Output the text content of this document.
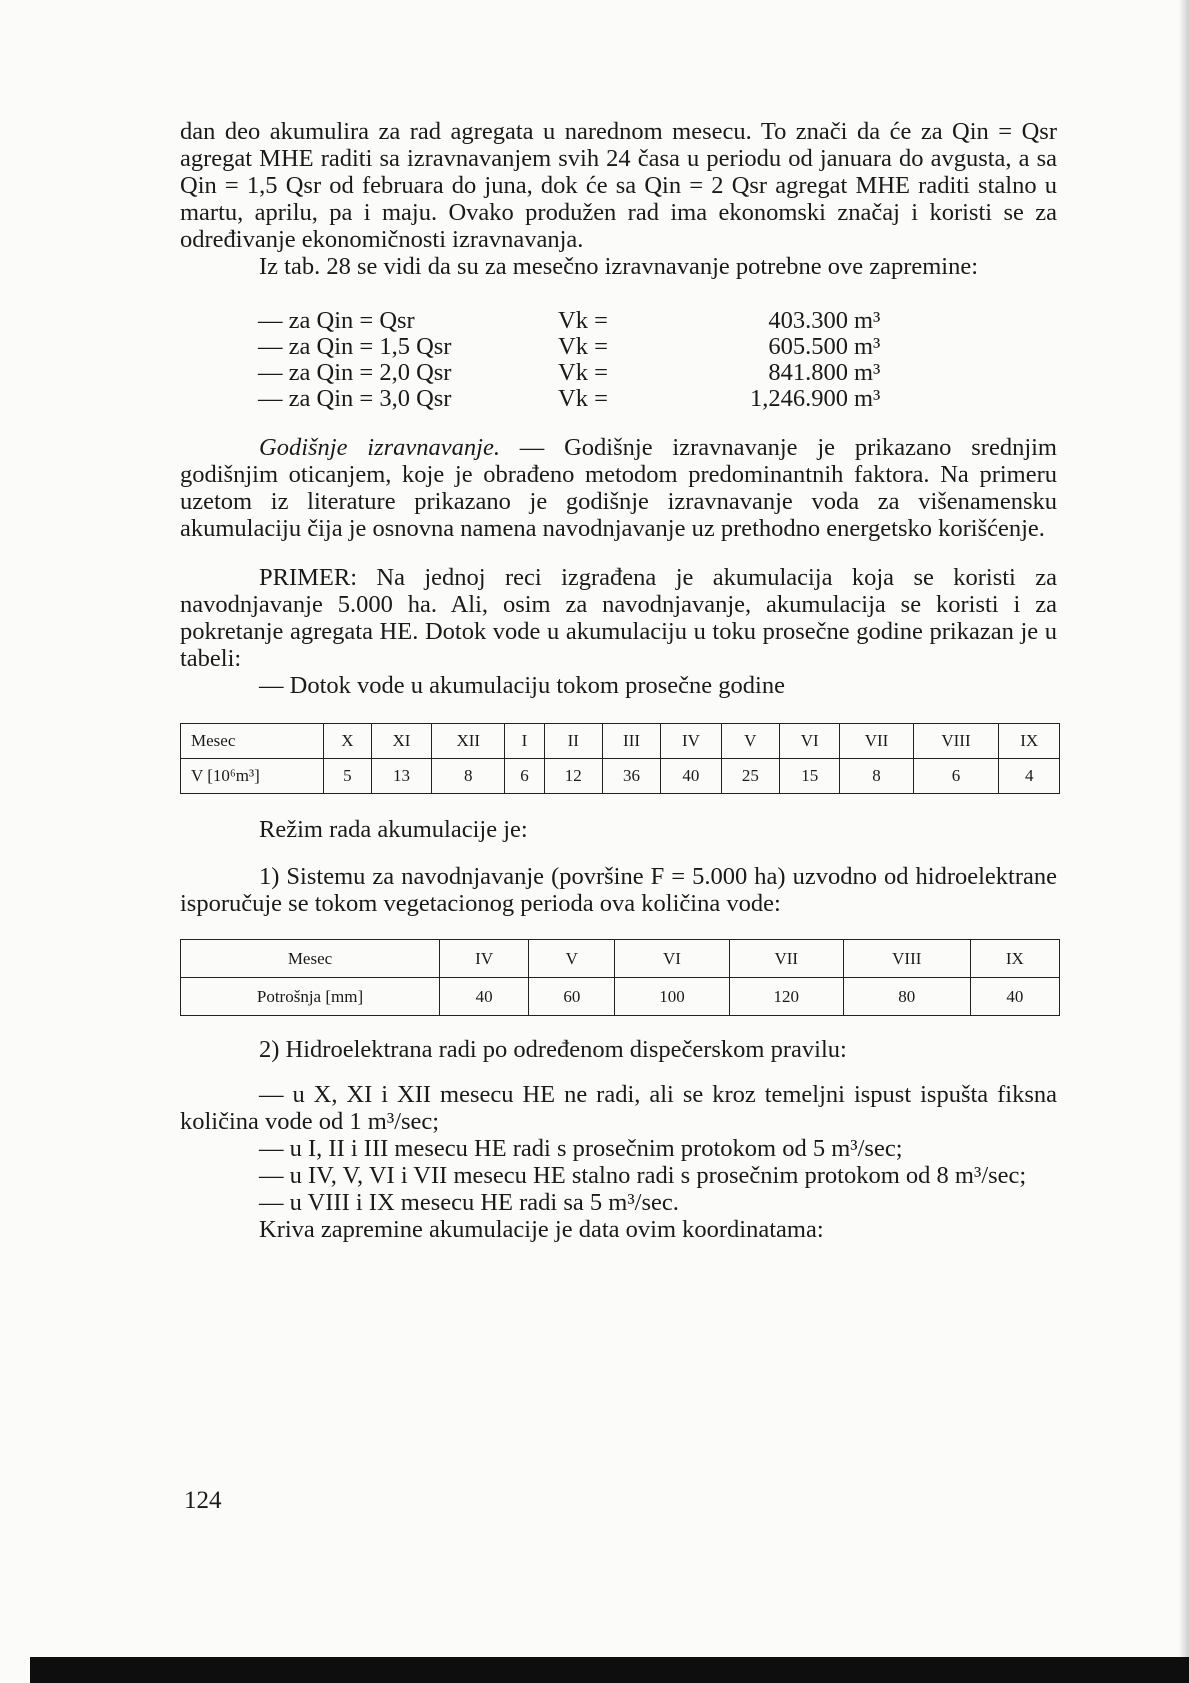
dan deo akumulira za rad agregata u narednom mesecu. To znači da će za Qin = Qsr agregat MHE raditi sa izravnavanjem svih 24 časa u periodu od januara do avgusta, a sa Qin = 1,5 Qsr od februara do juna, dok će sa Qin = 2 Qsr agregat MHE raditi stalno u martu, aprilu, pa i maju. Ovako produžen rad ima ekonomski značaj i koristi se za određivanje ekonomičnosti izravnavanja.

Iz tab. 28 se vidi da su za mesečno izravnavanje potrebne ove zapremine:

— za Qin = Qsr	Vk =	403.300 m³
— za Qin = 1,5 Qsr	Vk =	605.500 m³
— za Qin = 2,0 Qsr	Vk =	841.800 m³
— za Qin = 3,0 Qsr	Vk =	1,246.900 m³

Godišnje izravnavanje. — Godišnje izravnavanje je prikazano srednjim godišnjim oticanjem, koje je obrađeno metodom predominantnih faktora. Na primeru uzetom iz literature prikazano je godišnje izravnavanje voda za višenamensku akumulaciju čija je osnovna namena navodnjavanje uz prethodno energetsko korišćenje.

PRIMER: Na jednoj reci izgrađena je akumulacija koja se koristi za navodnjavanje 5.000 ha. Ali, osim za navodnjavanje, akumulacija se koristi i za pokretanje agregata HE. Dotok vode u akumulaciju u toku prosečne godine prikazan je u tabeli:

— Dotok vode u akumulaciju tokom prosečne godine

Mesec	X	XI	XII	I	II	III	IV	V	VI	VII	VIII	IX
V [10⁶m³]	5	13	8	6	12	36	40	25	15	8	6	4

Režim rada akumulacije je:

1) Sistemu za navodnjavanje (površine F = 5.000 ha) uzvodno od hidroelektrane isporučuje se tokom vegetacionog perioda ova količina vode:

Mesec	IV	V	VI	VII	VIII	IX
Potrošnja [mm]	40	60	100	120	80	40

2) Hidroelektrana radi po određenom dispečerskom pravilu:

— u X, XI i XII mesecu HE ne radi, ali se kroz temeljni ispust ispušta fiksna količina vode od 1 m³/sec;

— u I, II i III mesecu HE radi s prosečnim protokom od 5 m³/sec;

— u IV, V, VI i VII mesecu HE stalno radi s prosečnim protokom od 8 m³/sec;

— u VIII i IX mesecu HE radi sa 5 m³/sec.

Kriva zapremine akumulacije je data ovim koordinatama:

124
